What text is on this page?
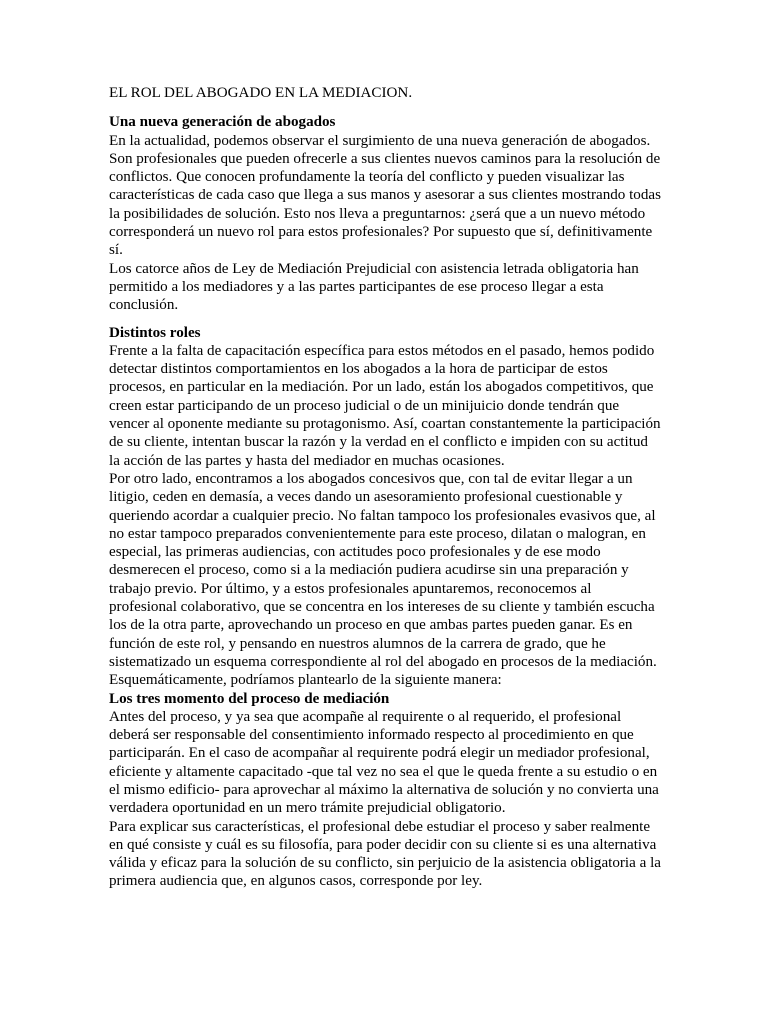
EL ROL DEL ABOGADO EN LA MEDIACION.
Una nueva generación de abogados

En la actualidad, podemos observar el surgimiento de una nueva generación de abogados. Son profesionales que pueden ofrecerle a sus clientes nuevos caminos para la resolución de conflictos. Que conocen profundamente la teoría del conflicto y pueden visualizar las características de cada caso que llega a sus manos y asesorar a sus clientes mostrando todas la posibilidades de solución. Esto nos lleva a preguntarnos: ¿será que a un nuevo método corresponderá un nuevo rol para estos profesionales? Por supuesto que sí, definitivamente sí.

Los catorce años de Ley de Mediación Prejudicial con asistencia letrada obligatoria han permitido a los mediadores y a las partes participantes de ese proceso llegar a esta conclusión.

Distintos roles

Frente a la falta de capacitación específica para estos métodos en el pasado, hemos podido detectar distintos comportamientos en los abogados a la hora de participar de estos procesos, en particular en la mediación. Por un lado, están los abogados competitivos, que creen estar participando de un proceso judicial o de un minijuicio donde tendrán que vencer al oponente mediante su protagonismo. Así, coartan constantemente la participación de su cliente, intentan buscar la razón y la verdad en el conflicto e impiden con su actitud la acción de las partes y hasta del mediador en muchas ocasiones.

Por otro lado, encontramos a los abogados concesivos que, con tal de evitar llegar a un litigio, ceden en demasía, a veces dando un asesoramiento profesional cuestionable y queriendo acordar a cualquier precio. No faltan tampoco los profesionales evasivos que, al no estar tampoco preparados convenientemente para este proceso, dilatan o malogran, en especial, las primeras audiencias, con actitudes poco profesionales y de ese modo desmerecen el proceso, como si a la mediación pudiera acudirse sin una preparación y trabajo previo. Por último, y a estos profesionales apuntaremos, reconocemos al profesional colaborativo, que se concentra en los intereses de su cliente y también escucha los de la otra parte, aprovechando un proceso en que ambas partes pueden ganar. Es en función de este rol, y pensando en nuestros alumnos de la carrera de grado, que he sistematizado un esquema correspondiente al rol del abogado en procesos de la mediación.

Esquemáticamente, podríamos plantearlo de la siguiente manera:

Los tres momento del proceso de mediación

Antes del proceso, y ya sea que acompañe al requirente o al requerido, el profesional deberá ser responsable del consentimiento informado respecto al procedimiento en que participarán. En el caso de acompañar al requirente podrá elegir un mediador profesional, eficiente y altamente capacitado -que tal vez no sea el que le queda frente a su estudio o en el mismo edificio- para aprovechar al máximo la alternativa de solución y no convierta una verdadera oportunidad en un mero trámite prejudicial obligatorio.

Para explicar sus características, el profesional debe estudiar el proceso y saber realmente en qué consiste y cuál es su filosofía, para poder decidir con su cliente si es una alternativa válida y eficaz para la solución de su conflicto, sin perjuicio de la asistencia obligatoria a la primera audiencia que, en algunos casos, corresponde por ley.
